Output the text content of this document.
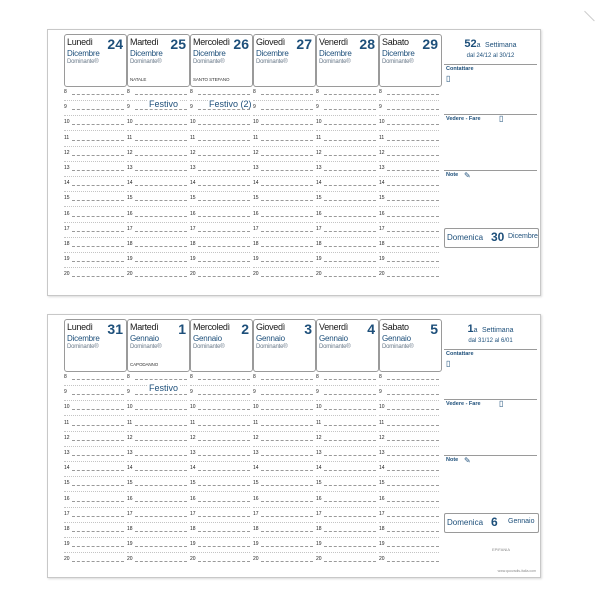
Lunedì 24
Dicembre
Dominante®
8
9
10
11
12
13
14
15
16
17
18
19
20
Martedì 25
Dicembre
Dominante®
NATALE
8
9
10
11
12
13
14
15
16
17
18
19
20
Mercoledì 26
Dicembre
Dominante®
SANTO STEFANO
8
9
10
11
12
13
14
15
16
17
18
19
20
Giovedì 27
Dicembre
Dominante®
8
9
10
11
12
13
14
15
16
17
18
19
20
Venerdì 28
Dicembre
Dominante®
8
9
10
11
12
13
14
15
16
17
18
19
20
Sabato 29
Dicembre
Dominante®
8
9
10
11
12
13
14
15
16
17
18
19
20
Festivo	Festivo (2)
52a Settimana
dal 24/12 al 30/12
Contattare
▯
Vedere - Fare ▯
Note ✎
Domenica 30 Dicembre
Lunedì 31
Dicembre
Dominante®
8
9
10
11
12
13
14
15
16
17
18
19
20
Martedì 1
Gennaio
Dominante®
CAPODANNO
8
9
10
11
12
13
14
15
16
17
18
19
20
Mercoledì 2
Gennaio
Dominante®
8
9
10
11
12
13
14
15
16
17
18
19
20
Giovedì 3
Gennaio
Dominante®
8
9
10
11
12
13
14
15
16
17
18
19
20
Venerdì 4
Gennaio
Dominante®
8
9
10
11
12
13
14
15
16
17
18
19
20
Sabato 5
Gennaio
Dominante®
8
9
10
11
12
13
14
15
16
17
18
19
20
Festivo
1a Settimana
dal 31/12 al 6/01
Contattare
▯
Vedere - Fare ▯
Note ✎
Domenica 6 Gennaio
EPIFANIA
www.quovadis-italia.com
